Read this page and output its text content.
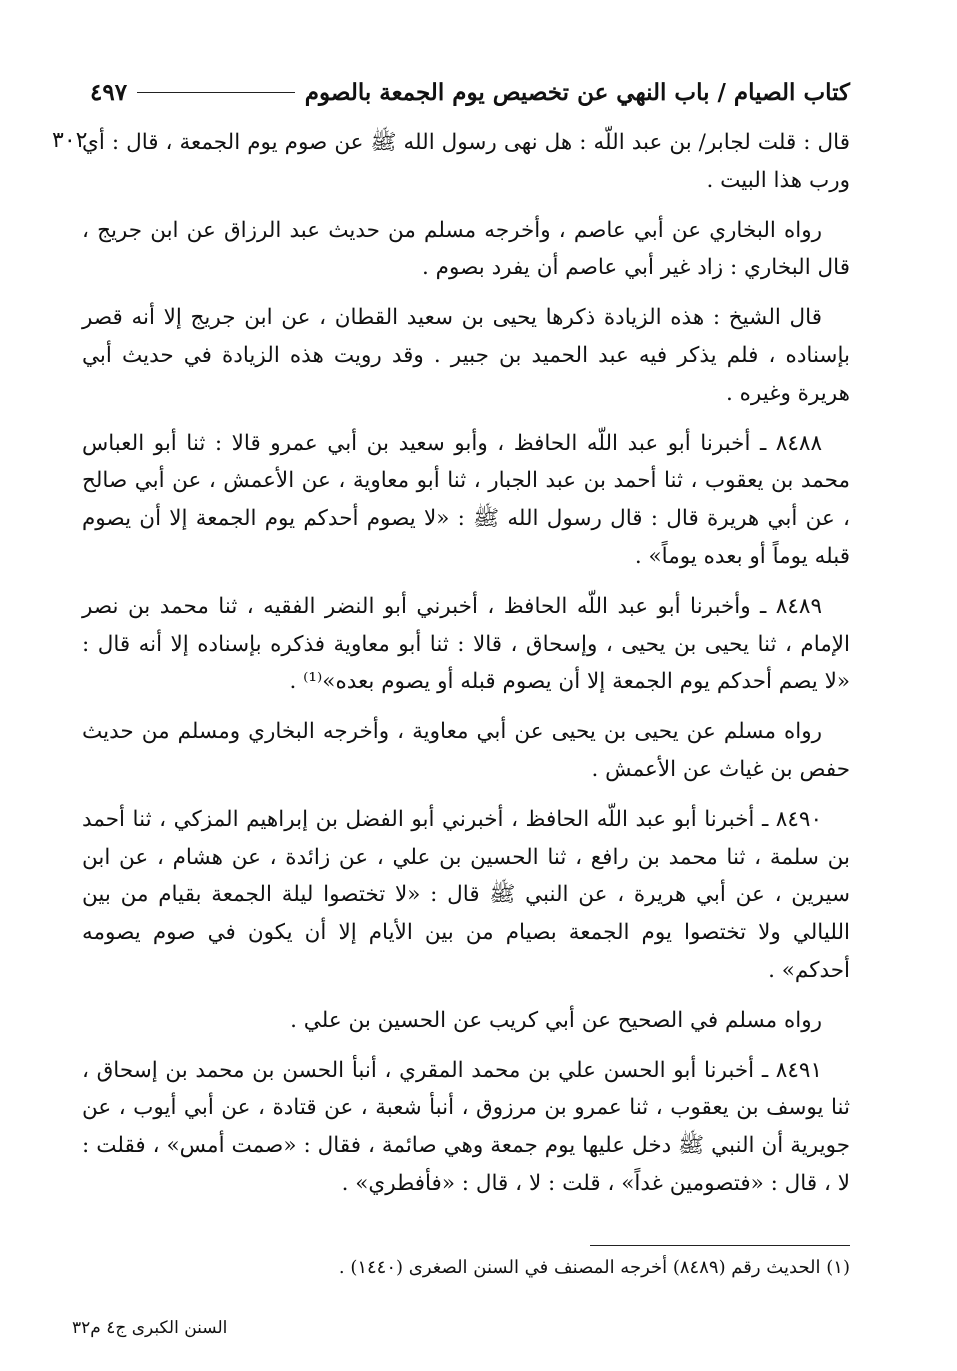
كتاب الصيام / باب النهي عن تخصيص يوم الجمعة بالصوم
٤٩٧
٣٠٢

قال : قلت لجابر/ بن عبد اللّه : هل نهى رسول الله ﷺ عن صوم يوم الجمعة ، قال : أي ورب هذا البيت .

رواه البخاري عن أبي عاصم ، وأخرجه مسلم من حديث عبد الرزاق عن ابن جريج ، قال البخاري : زاد غير أبي عاصم أن يفرد بصوم .

قال الشيخ : هذه الزيادة ذكرها يحيى بن سعيد القطان ، عن ابن جريج إلا أنه قصر بإسناده ، فلم يذكر فيه عبد الحميد بن جبير . وقد رويت هذه الزيادة في حديث أبي هريرة وغيره .

٨٤٨٨ ـ أخبرنا أبو عبد اللّه الحافظ ، وأبو سعيد بن أبي عمرو قالا : ثنا أبو العباس محمد بن يعقوب ، ثنا أحمد بن عبد الجبار ، ثنا أبو معاوية ، عن الأعمش ، عن أبي صالح ، عن أبي هريرة قال : قال رسول الله ﷺ : «لا يصوم أحدكم يوم الجمعة إلا أن يصوم قبله يوماً أو بعده يوماً» .

٨٤٨٩ ـ وأخبرنا أبو عبد اللّه الحافظ ، أخبرني أبو النضر الفقيه ، ثنا محمد بن نصر الإمام ، ثنا يحيى بن يحيى ، وإسحاق ، قالا : ثنا أبو معاوية فذكره بإسناده إلا أنه قال : «لا يصم أحدكم يوم الجمعة إلا أن يصوم قبله أو يصوم بعده»⁽¹⁾ .

رواه مسلم عن يحيى بن يحيى عن أبي معاوية ، وأخرجه البخاري ومسلم من حديث حفص بن غياث عن الأعمش .

٨٤٩٠ ـ أخبرنا أبو عبد اللّه الحافظ ، أخبرني أبو الفضل بن إبراهيم المزكي ، ثنا أحمد بن سلمة ، ثنا محمد بن رافع ، ثنا الحسين بن علي ، عن زائدة ، عن هشام ، عن ابن سيرين ، عن أبي هريرة ، عن النبي ﷺ قال : «لا تختصوا ليلة الجمعة بقيام من بين الليالي ولا تختصوا يوم الجمعة بصيام من بين الأيام إلا أن يكون في صوم يصومه أحدكم» .

رواه مسلم في الصحيح عن أبي كريب عن الحسين بن علي .

٨٤٩١ ـ أخبرنا أبو الحسن علي بن محمد المقري ، أنبأ الحسن بن محمد بن إسحاق ، ثنا يوسف بن يعقوب ، ثنا عمرو بن مرزوق ، أنبأ شعبة ، عن قتادة ، عن أبي أيوب ، عن جويرية أن النبي ﷺ دخل عليها يوم جمعة وهي صائمة ، فقال : «صمت أمس» ، فقلت : لا ، قال : «فتصومين غداً» ، قلت : لا ، قال : «فأفطري» .

(١) الحديث رقم (٨٤٨٩) أخرجه المصنف في السنن الصغرى (١٤٤٠) .
السنن الكبرى ج٤ م٣٢
